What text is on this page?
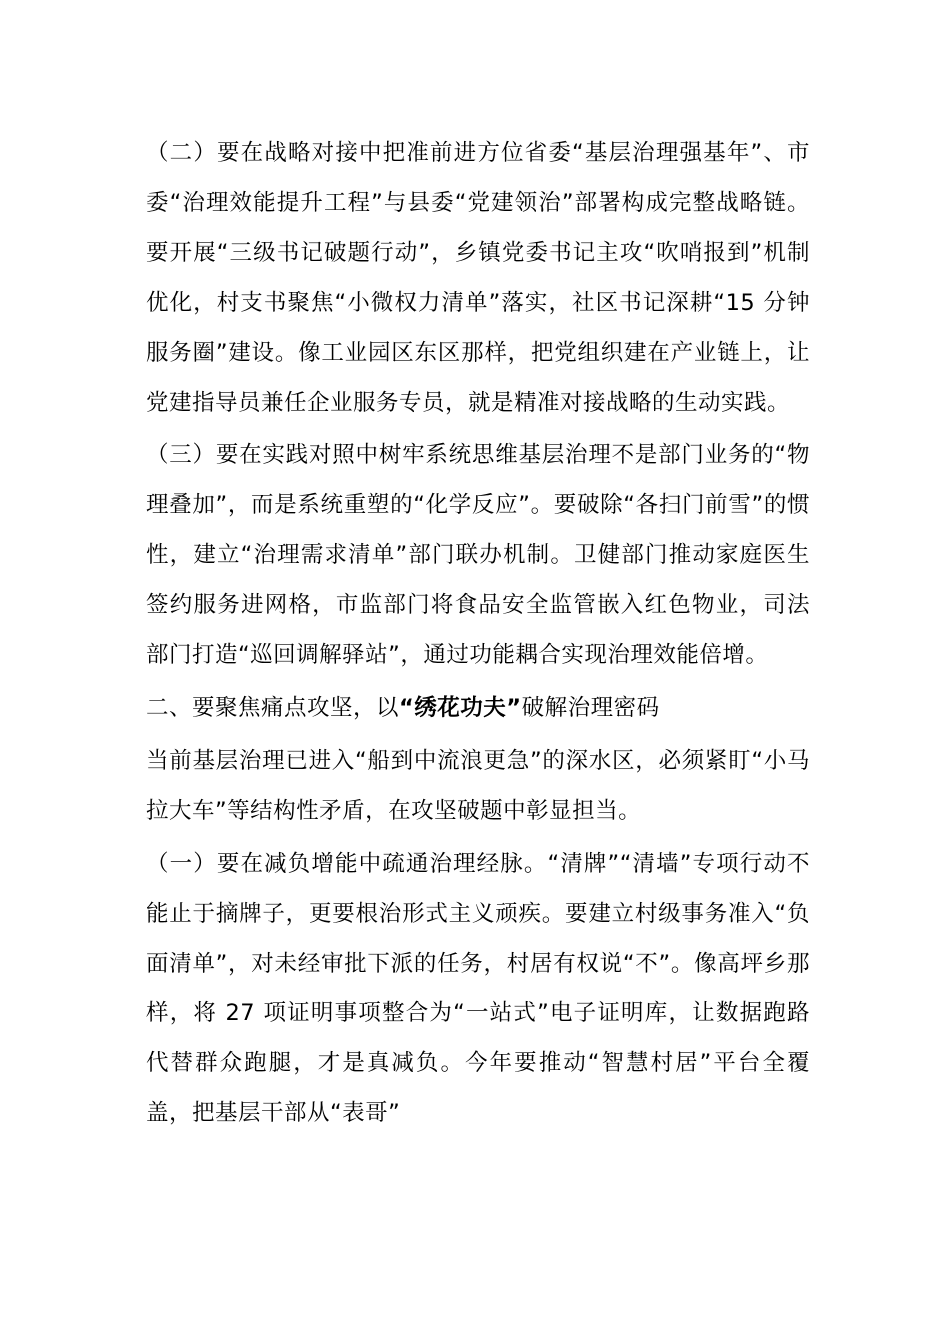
（二）要在战略对接中把准前进方位省委“基层治理强基年”、市委“治理效能提升工程”与县委“党建领治”部署构成完整战略链。要开展“三级书记破题行动”，乡镇党委书记主攻“吹哨报到”机制优化，村支书聚焦“小微权力清单”落实，社区书记深耕“15 分钟服务圈”建设。像工业园区东区那样，把党组织建在产业链上，让党建指导员兼任企业服务专员，就是精准对接战略的生动实践。

（三）要在实践对照中树牢系统思维基层治理不是部门业务的“物理叠加”，而是系统重塑的“化学反应”。要破除“各扫门前雪”的惯性，建立“治理需求清单”部门联办机制。卫健部门推动家庭医生签约服务进网格，市监部门将食品安全监管嵌入红色物业，司法部门打造“巡回调解驿站”，通过功能耦合实现治理效能倍增。

二、要聚焦痛点攻坚，以“绣花功夫”破解治理密码

当前基层治理已进入“船到中流浪更急”的深水区，必须紧盯“小马拉大车”等结构性矛盾，在攻坚破题中彰显担当。

（一）要在减负增能中疏通治理经脉。“清牌”“清墙”专项行动不能止于摘牌子，更要根治形式主义顽疾。要建立村级事务准入“负面清单”，对未经审批下派的任务，村居有权说“不”。像高坪乡那样，将 27 项证明事项整合为“一站式”电子证明库，让数据跑路代替群众跑腿，才是真减负。今年要推动“智慧村居”平台全覆盖，把基层干部从“表哥”
